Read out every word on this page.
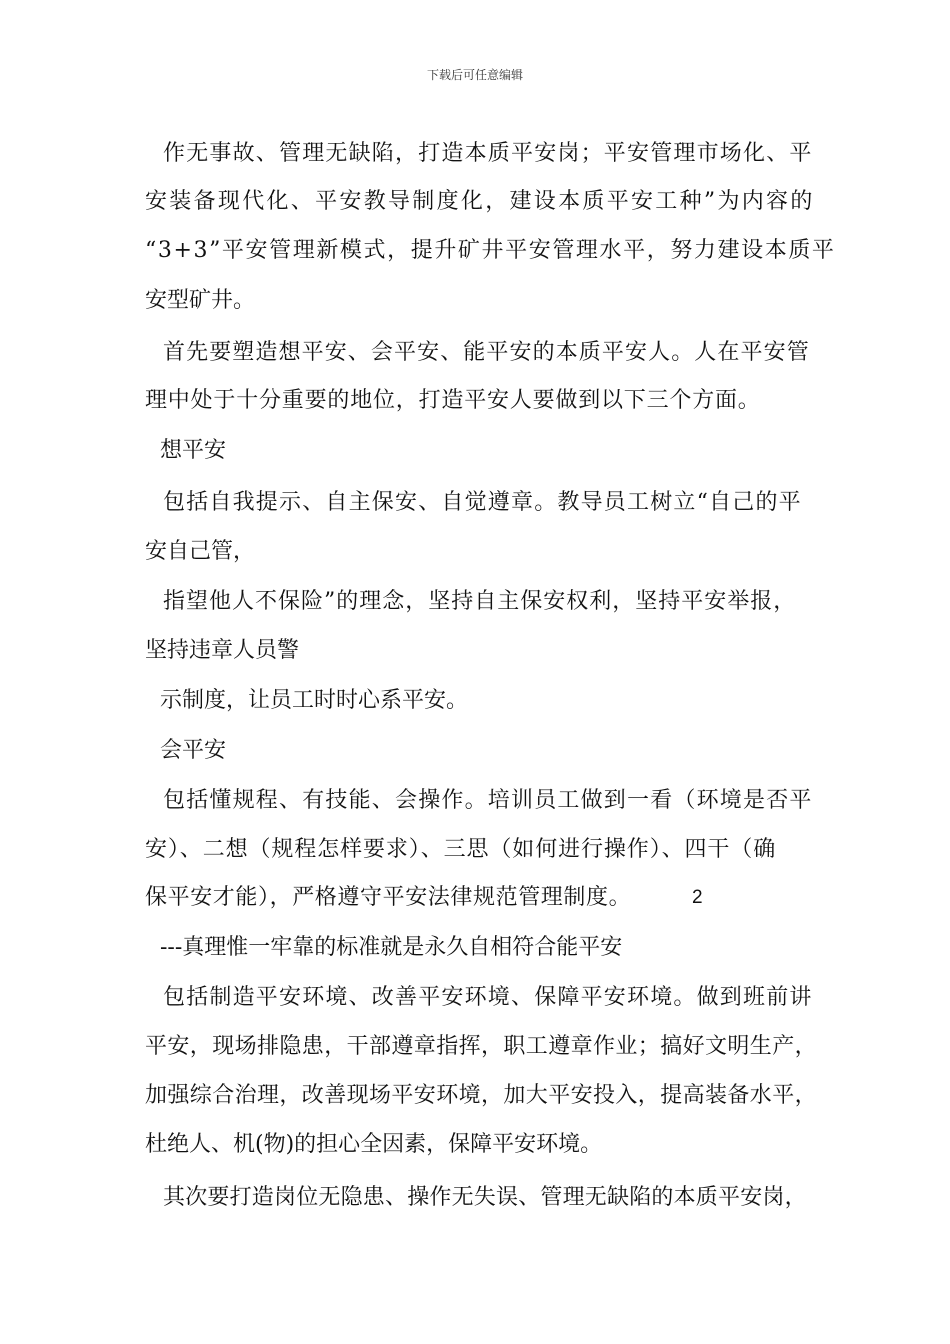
下载后可任意编辑
作无事故、管理无缺陷，打造本质平安岗；平安管理市场化、平
安装备现代化、平安教导制度化，建设本质平安工种”为内容的
“3+3”平安管理新模式，提升矿井平安管理水平，努力建设本质平
安型矿井。
首先要塑造想平安、会平安、能平安的本质平安人。人在平安管
理中处于十分重要的地位，打造平安人要做到以下三个方面。
想平安
包括自我提示、自主保安、自觉遵章。教导员工树立“自己的平
安自己管，
指望他人不保险”的理念，坚持自主保安权利，坚持平安举报，
坚持违章人员警
示制度，让员工时时心系平安。
会平安
包括懂规程、有技能、会操作。培训员工做到一看（环境是否平
安）、二想（规程怎样要求）、三思（如何进行操作）、四干（确
保平安才能），严格遵守平安法律规范管理制度。	2
---真理惟一牢靠的标准就是永久自相符合能平安
包括制造平安环境、改善平安环境、保障平安环境。做到班前讲
平安，现场排隐患，干部遵章指挥，职工遵章作业；搞好文明生产，
加强综合治理，改善现场平安环境，加大平安投入，提高装备水平，
杜绝人、机(物)的担心全因素，保障平安环境。
其次要打造岗位无隐患、操作无失误、管理无缺陷的本质平安岗，
